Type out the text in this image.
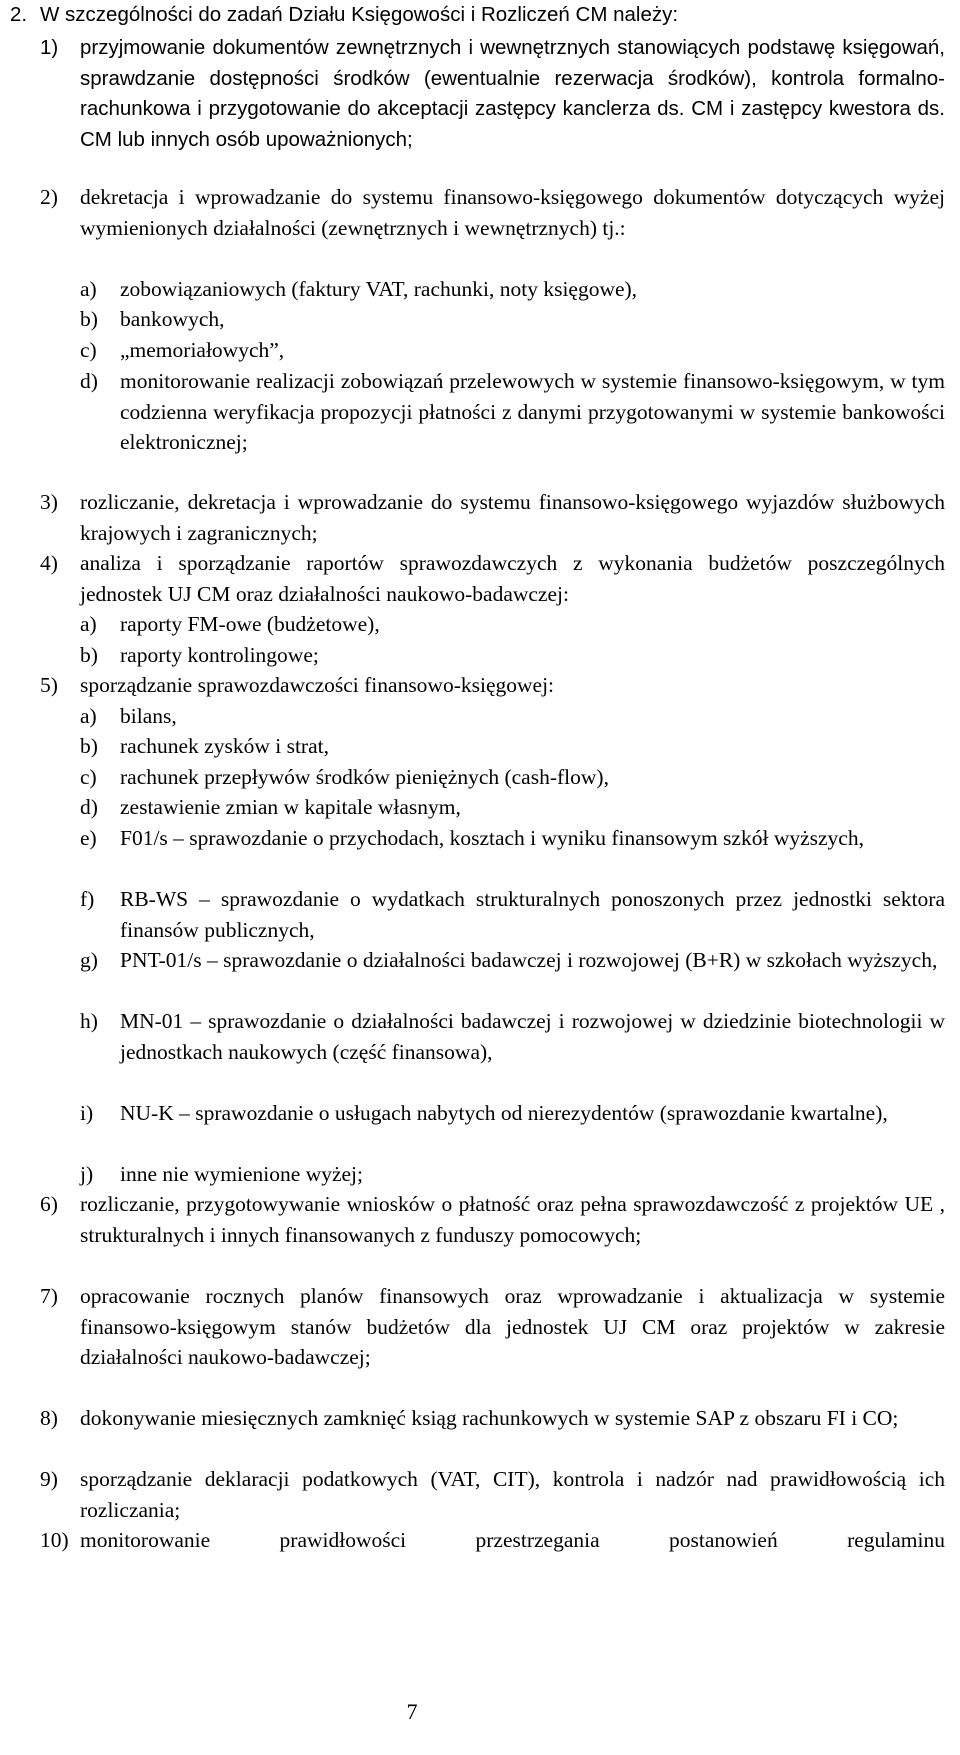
2. W szczególności do zadań Działu Księgowości i Rozliczeń CM należy:
1) przyjmowanie dokumentów zewnętrznych i wewnętrznych stanowiących podstawę księgowań, sprawdzanie dostępności środków (ewentualnie rezerwacja środków), kontrola formalno-rachunkowa i przygotowanie do akceptacji zastępcy kanclerza ds. CM i zastępcy kwestora ds. CM lub innych osób upoważnionych;
2) dekretacja i wprowadzanie do systemu finansowo-księgowego dokumentów dotyczących wyżej wymienionych działalności (zewnętrznych i wewnętrznych) tj.:
a) zobowiązaniowych (faktury VAT, rachunki, noty księgowe),
b) bankowych,
c) „memoriałowych”,
d) monitorowanie realizacji zobowiązań przelewowych w systemie finansowo-księgowym, w tym codzienna weryfikacja propozycji płatności z danymi przygotowanymi w systemie bankowości elektronicznej;
3) rozliczanie, dekretacja i wprowadzanie do systemu finansowo-księgowego wyjazdów służbowych krajowych i zagranicznych;
4) analiza i sporządzanie raportów sprawozdawczych z wykonania budżetów poszczególnych jednostek UJ CM oraz działalności naukowo-badawczej:
a) raporty FM-owe (budżetowe),
b) raporty kontrolingowe;
5) sporządzanie sprawozdawczości finansowo-księgowej:
a) bilans,
b) rachunek zysków i strat,
c) rachunek przepływów środków pieniężnych (cash-flow),
d) zestawienie zmian w kapitale własnym,
e) F01/s – sprawozdanie o przychodach, kosztach i wyniku finansowym szkół wyższych,
f) RB-WS – sprawozdanie o wydatkach strukturalnych ponoszonych przez jednostki sektora finansów publicznych,
g) PNT-01/s – sprawozdanie o działalności badawczej i rozwojowej (B+R) w szkołach wyższych,
h) MN-01 – sprawozdanie o działalności badawczej i rozwojowej w dziedzinie biotechnologii w jednostkach naukowych (część finansowa),
i) NU-K – sprawozdanie o usługach nabytych od nierezydentów (sprawozdanie kwartalne),
j) inne nie wymienione wyżej;
6) rozliczanie, przygotowywanie wniosków o płatność oraz pełna sprawozdawczość z projektów UE , strukturalnych i innych finansowanych z funduszy pomocowych;
7) opracowanie rocznych planów finansowych oraz wprowadzanie i aktualizacja w systemie finansowo-księgowym stanów budżetów dla jednostek UJ CM oraz projektów w zakresie działalności naukowo-badawczej;
8) dokonywanie miesięcznych zamknięć ksiąg rachunkowych w systemie SAP z obszaru FI i CO;
9) sporządzanie deklaracji podatkowych (VAT, CIT), kontrola i nadzór nad prawidłowością ich rozliczania;
10) monitorowanie prawidłowości przestrzegania postanowień regulaminu
7
